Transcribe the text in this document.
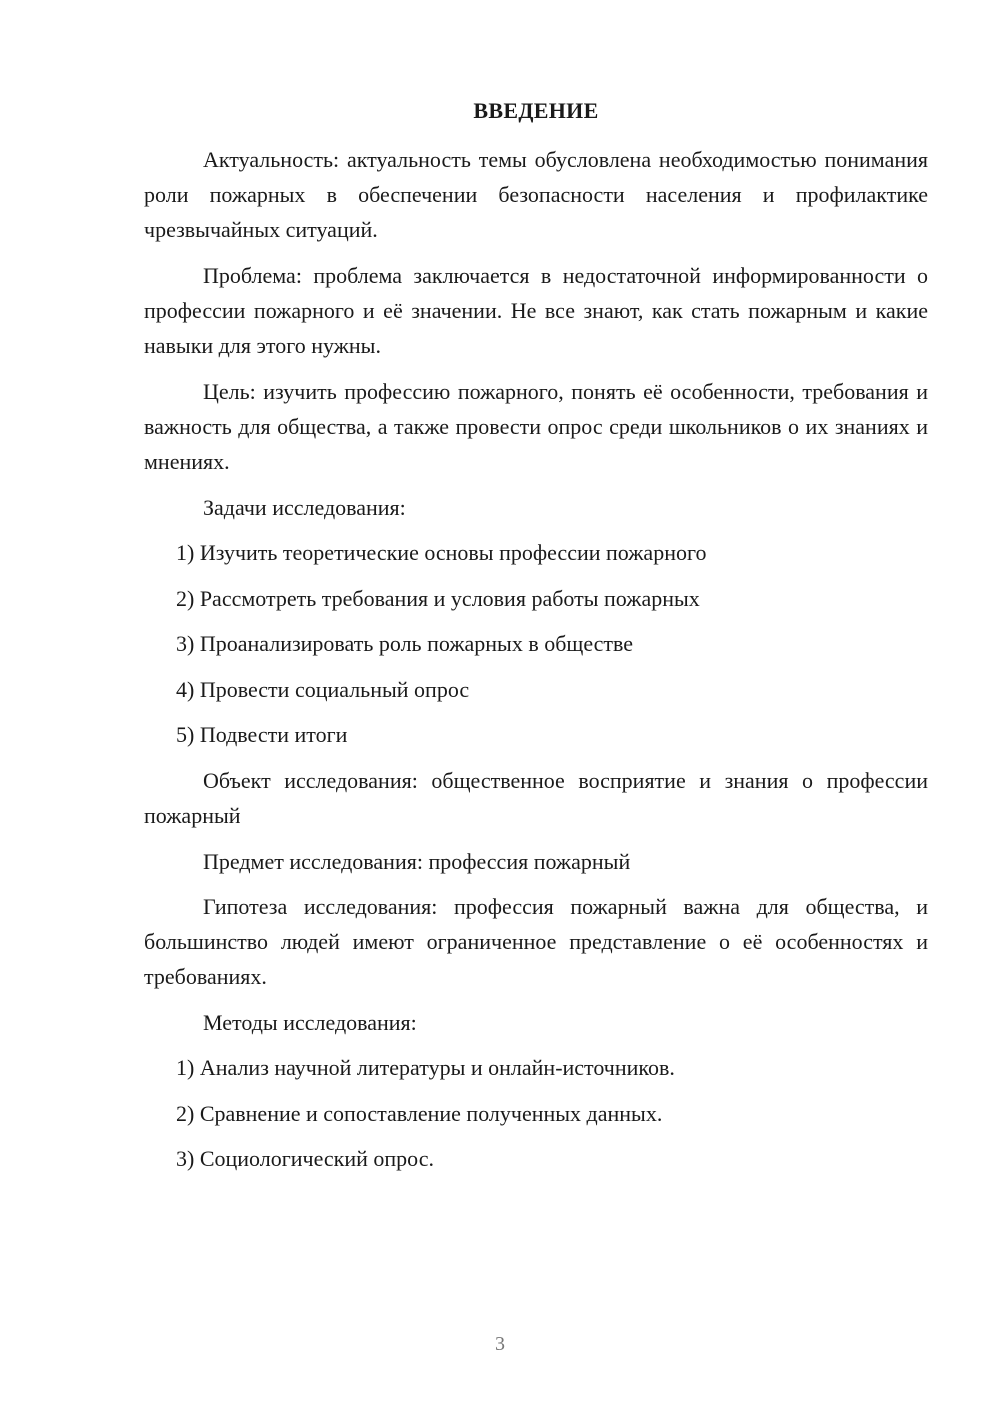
ВВЕДЕНИЕ

Актуальность: актуальность темы обусловлена необходимостью понимания роли пожарных в обеспечении безопасности населения и профилактике чрезвычайных ситуаций.

Проблема: проблема заключается в недостаточной информированности о профессии пожарного и её значении. Не все знают, как стать пожарным и какие навыки для этого нужны.

Цель: изучить профессию пожарного, понять её особенности, требования и важность для общества, а также провести опрос среди школьников о их знаниях и мнениях.

Задачи исследования:

1) Изучить теоретические основы профессии пожарного

2) Рассмотреть требования и условия работы пожарных

3) Проанализировать роль пожарных в обществе

4) Провести социальный опрос

5) Подвести итоги

Объект исследования: общественное восприятие и знания о профессии пожарный

Предмет исследования: профессия пожарный

Гипотеза исследования: профессия пожарный важна для общества, и большинство людей имеют ограниченное представление о её особенностях и требованиях.

Методы исследования:

1) Анализ научной литературы и онлайн-источников.

2) Сравнение и сопоставление полученных данных.

3) Социологический опрос.

3
